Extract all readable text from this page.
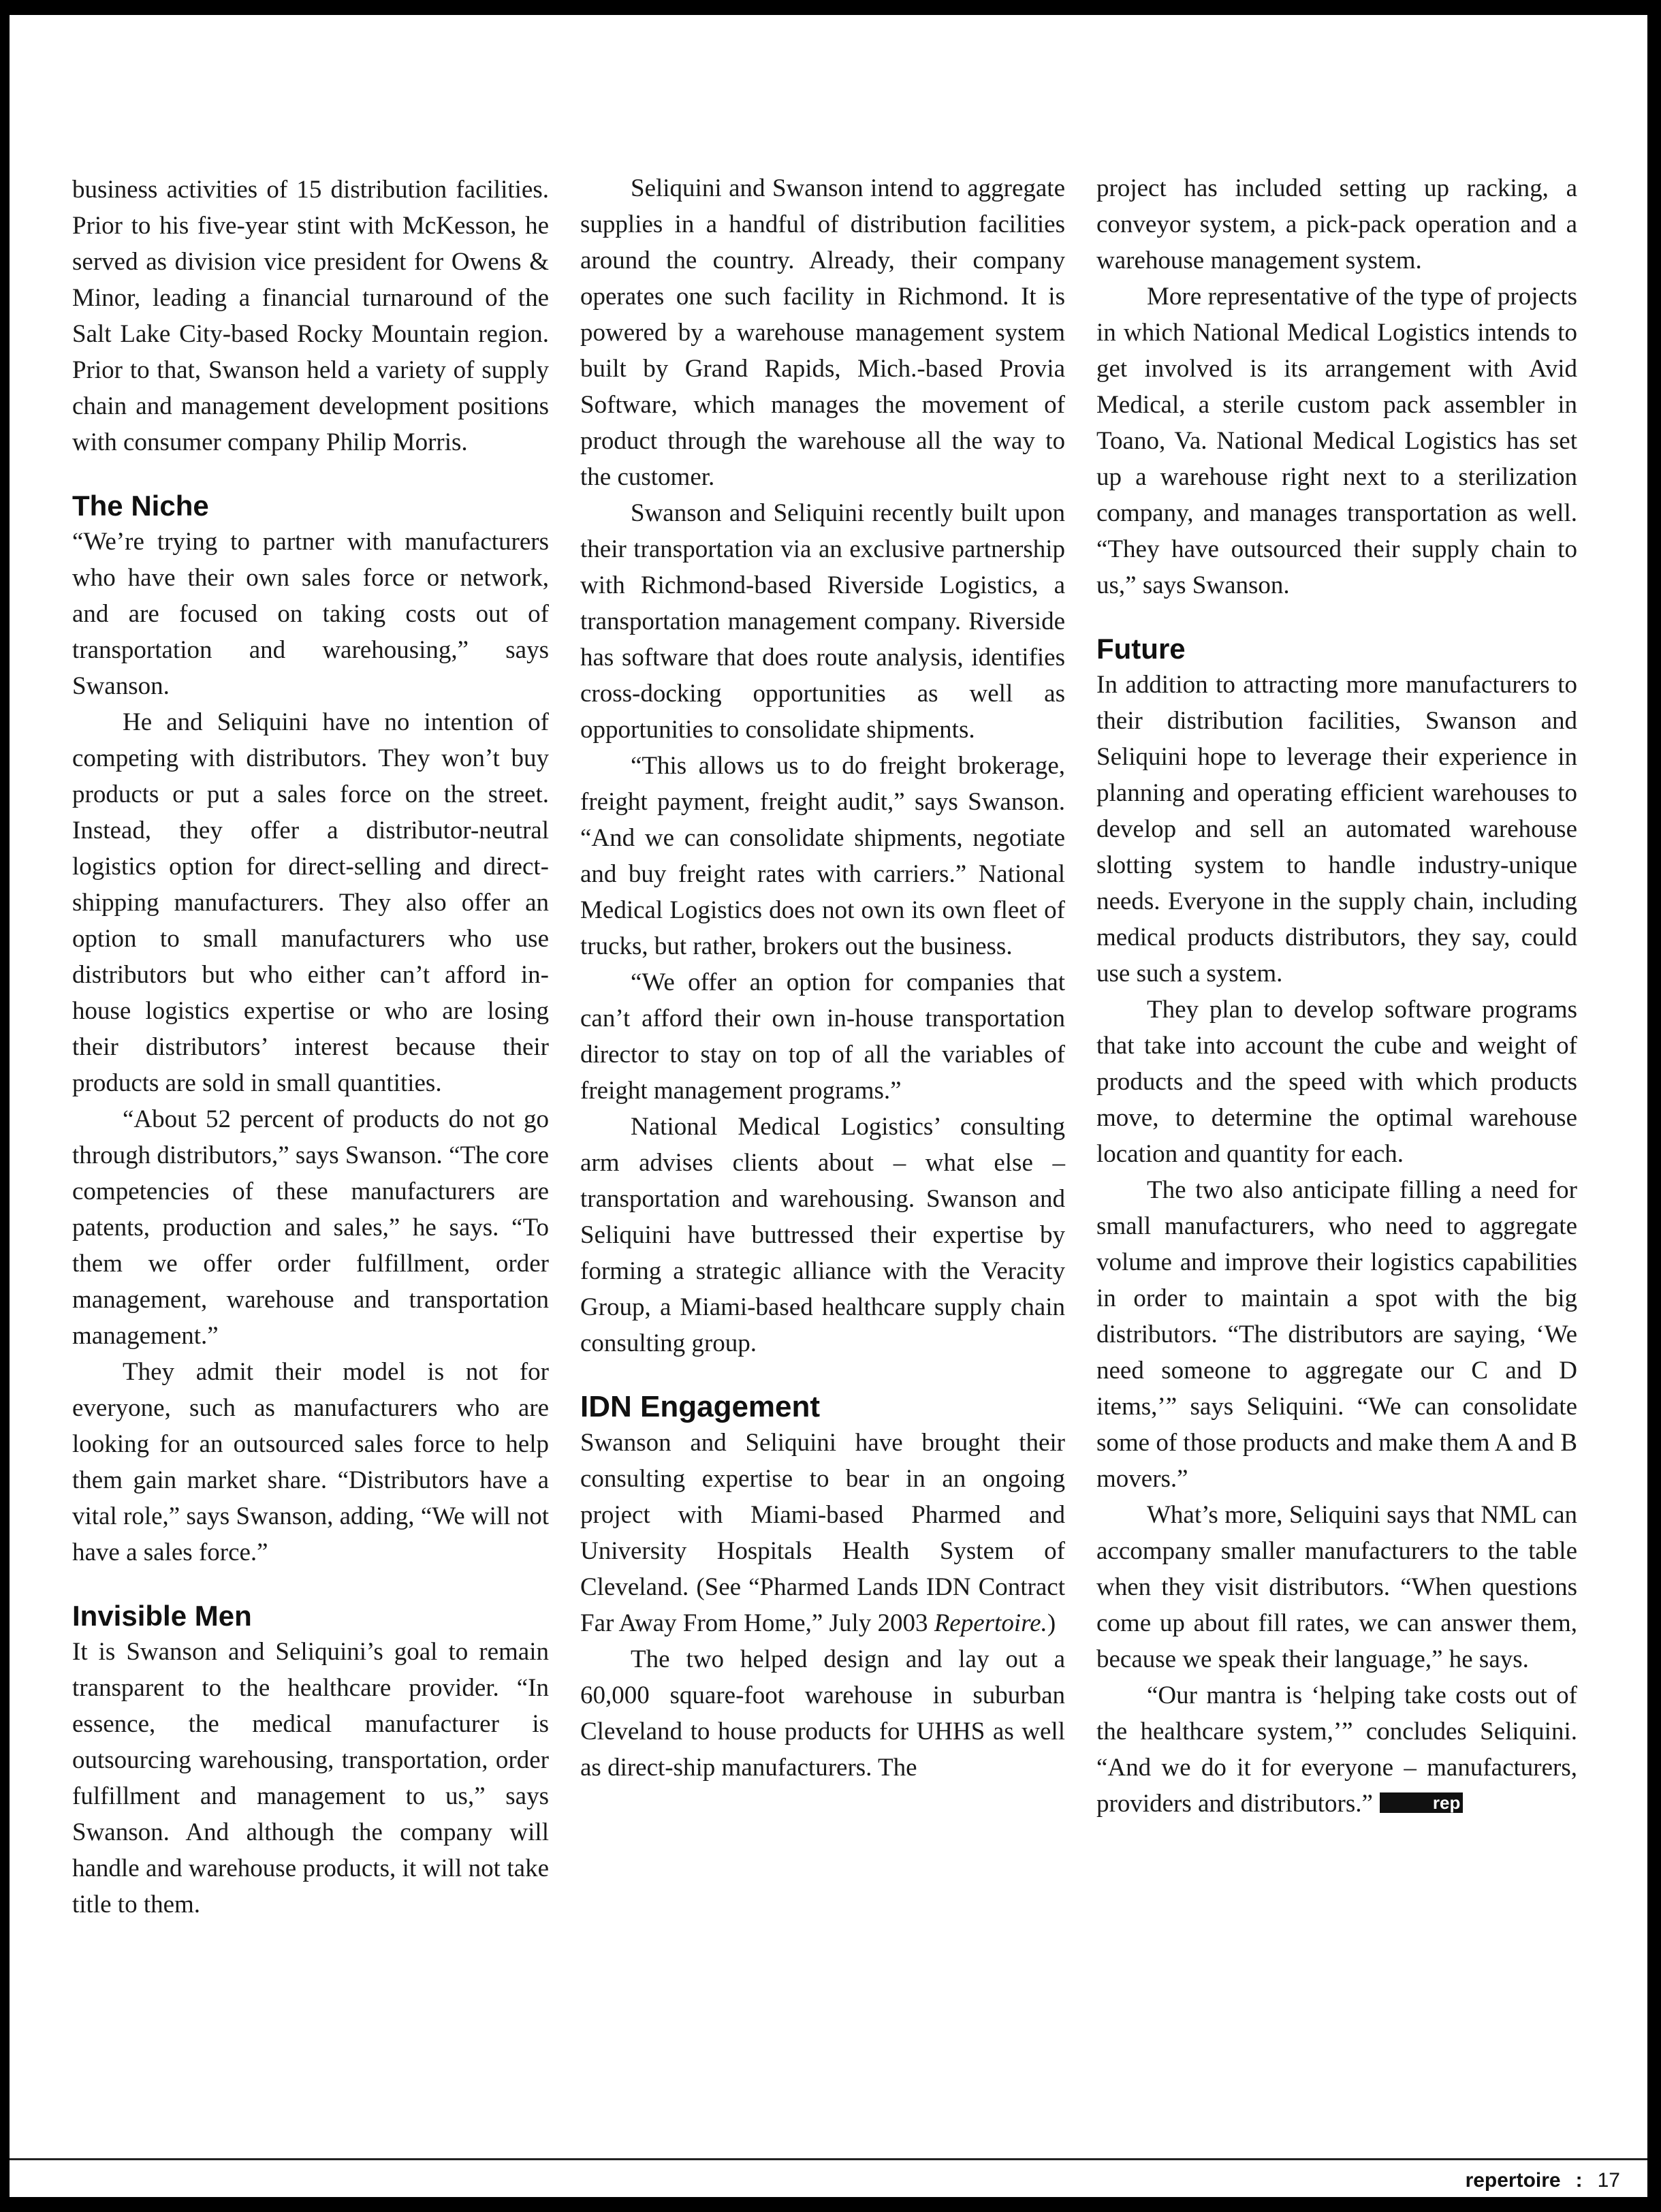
business activities of 15 distribution facilities. Prior to his five-year stint with McKesson, he served as division vice president for Owens & Minor, leading a financial turnaround of the Salt Lake City-based Rocky Mountain region. Prior to that, Swanson held a variety of supply chain and management development positions with consumer company Philip Morris.

The Niche

“We’re trying to partner with manufacturers who have their own sales force or network, and are focused on taking costs out of transportation and warehousing,” says Swanson.

He and Seliquini have no intention of competing with distributors. They won’t buy products or put a sales force on the street. Instead, they offer a distributor-neutral logistics option for direct-selling and direct-shipping manufacturers. They also offer an option to small manufacturers who use distributors but who either can’t afford in-house logistics expertise or who are losing their distributors’ interest because their products are sold in small quantities.

“About 52 percent of products do not go through distributors,” says Swanson. “The core competencies of these manufacturers are patents, production and sales,” he says. “To them we offer order fulfillment, order management, warehouse and transportation management.”

They admit their model is not for everyone, such as manufacturers who are looking for an outsourced sales force to help them gain market share. “Distributors have a vital role,” says Swanson, adding, “We will not have a sales force.”

Invisible Men

It is Swanson and Seliquini’s goal to remain transparent to the healthcare provider. “In essence, the medical manufacturer is outsourcing warehousing, transportation, order fulfillment and management to us,” says Swanson. And although the company will handle and warehouse products, it will not take title to them.

Seliquini and Swanson intend to aggregate supplies in a handful of distribution facilities around the country. Already, their company operates one such facility in Richmond. It is powered by a warehouse management system built by Grand Rapids, Mich.-based Provia Software, which manages the movement of product through the warehouse all the way to the customer.

Swanson and Seliquini recently built upon their transportation via an exclusive partnership with Richmond-based Riverside Logistics, a transportation management company. Riverside has software that does route analysis, identifies cross-docking opportunities as well as opportunities to consolidate shipments.

“This allows us to do freight brokerage, freight payment, freight audit,” says Swanson. “And we can consolidate shipments, negotiate and buy freight rates with carriers.” National Medical Logistics does not own its own fleet of trucks, but rather, brokers out the business.

“We offer an option for companies that can’t afford their own in-house transportation director to stay on top of all the variables of freight management programs.”

National Medical Logistics’ consulting arm advises clients about – what else – transportation and warehousing. Swanson and Seliquini have buttressed their expertise by forming a strategic alliance with the Veracity Group, a Miami-based healthcare supply chain consulting group.

IDN Engagement

Swanson and Seliquini have brought their consulting expertise to bear in an ongoing project with Miami-based Pharmed and University Hospitals Health System of Cleveland. (See “Pharmed Lands IDN Contract Far Away From Home,” July 2003 Repertoire.)

The two helped design and lay out a 60,000 square-foot warehouse in suburban Cleveland to house products for UHHS as well as direct-ship manufacturers. The

project has included setting up racking, a conveyor system, a pick-pack operation and a warehouse management system.

More representative of the type of projects in which National Medical Logistics intends to get involved is its arrangement with Avid Medical, a sterile custom pack assembler in Toano, Va. National Medical Logistics has set up a warehouse right next to a sterilization company, and manages transportation as well. “They have outsourced their supply chain to us,” says Swanson.

Future

In addition to attracting more manufacturers to their distribution facilities, Swanson and Seliquini hope to leverage their experience in planning and operating efficient warehouses to develop and sell an automated warehouse slotting system to handle industry-unique needs. Everyone in the supply chain, including medical products distributors, they say, could use such a system.

They plan to develop software programs that take into account the cube and weight of products and the speed with which products move, to determine the optimal warehouse location and quantity for each.

The two also anticipate filling a need for small manufacturers, who need to aggregate volume and improve their logistics capabilities in order to maintain a spot with the big distributors. “The distributors are saying, ‘We need someone to aggregate our C and D items,’” says Seliquini. “We can consolidate some of those products and make them A and B movers.”

What’s more, Seliquini says that NML can accompany smaller manufacturers to the table when they visit distributors. “When questions come up about fill rates, we can answer them, because we speak their language,” he says.

“Our mantra is ‘helping take costs out of the healthcare system,’” concludes Seliquini. “And we do it for everyone – manufacturers, providers and distributors.”	rep

repertoire : 17
